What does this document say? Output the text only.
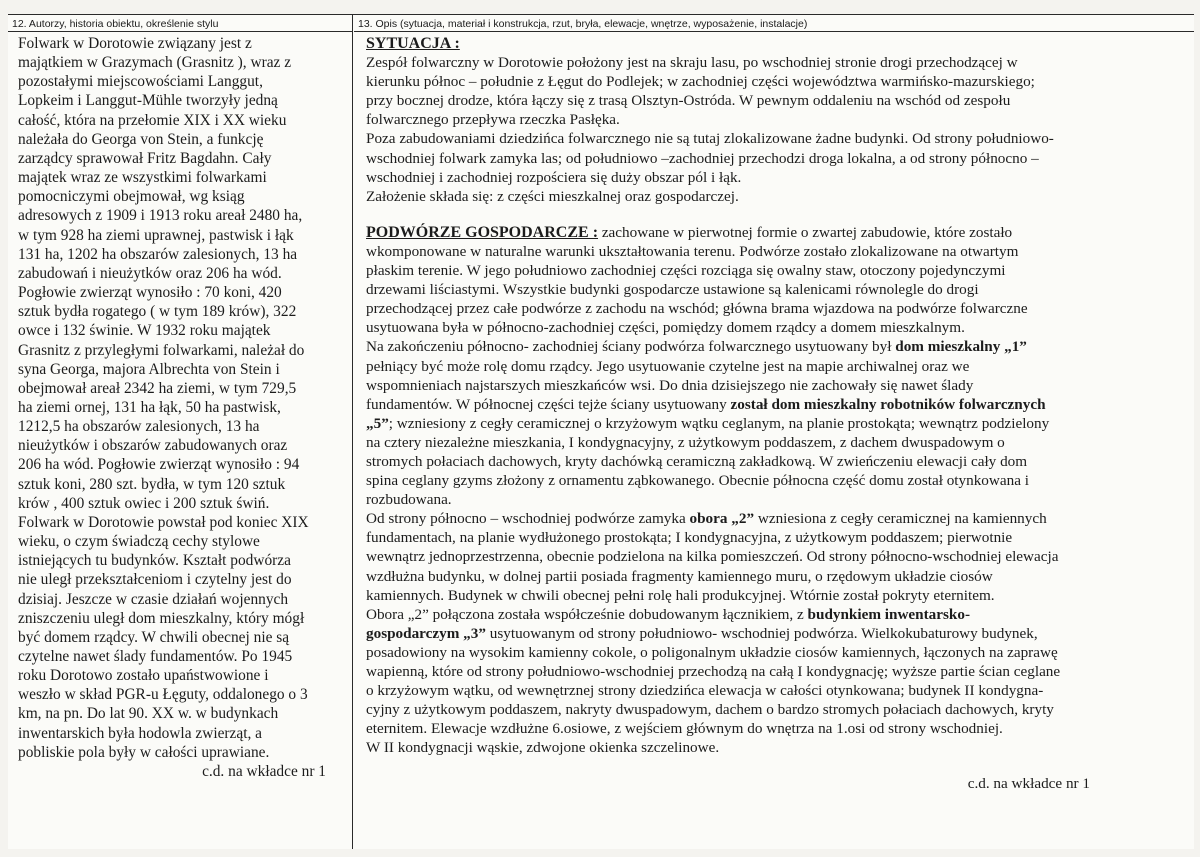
12. Autorzy, historia obiektu, określenie stylu
Folwark w Dorotowie związany jest z
majątkiem w Grazymach (Grasnitz ), wraz z
pozostałymi miejscowościami Langgut,
Lopkeim i Langgut-Mühle tworzyły jedną
całość, która na przełomie XIX i XX wieku
należała do Georga von Stein, a funkcję
zarządcy sprawował Fritz Bagdahn. Cały
majątek wraz ze wszystkimi folwarkami
pomocniczymi obejmował, wg ksiąg
adresowych z 1909 i 1913 roku areał 2480 ha,
w tym 928 ha ziemi uprawnej, pastwisk i łąk
131 ha, 1202 ha obszarów zalesionych, 13 ha
zabudowań i nieużytków oraz 206 ha wód.
Pogłowie zwierząt wynosiło : 70 koni, 420
sztuk bydła rogatego ( w tym 189 krów), 322
owce i 132 świnie. W 1932 roku majątek
Grasnitz z przyległymi folwarkami, należał do
syna Georga, majora Albrechta von Stein i
obejmował areał 2342 ha ziemi, w tym 729,5
ha ziemi ornej, 131 ha łąk, 50 ha pastwisk,
1212,5 ha obszarów zalesionych, 13 ha
nieużytków i obszarów zabudowanych oraz
206 ha wód. Pogłowie zwierząt wynosiło : 94
sztuk koni, 280 szt. bydła, w tym 120 sztuk
krów , 400 sztuk owiec i 200 sztuk świń.
Folwark w Dorotowie powstał pod koniec XIX
wieku, o czym świadczą cechy stylowe
istniejących tu budynków. Kształt podwórza
nie uległ przekształceniom i czytelny jest do
dzisiaj. Jeszcze w czasie działań wojennych
zniszczeniu uległ dom mieszkalny, który mógł
być domem rządcy. W chwili obecnej nie są
czytelne nawet ślady fundamentów. Po 1945
roku Dorotowo zostało upaństwowione i
weszło w skład PGR-u Łęguty, oddalonego o 3
km, na pn. Do lat 90. XX w. w budynkach
inwentarskich była hodowla zwierząt, a
pobliskie pola były w całości uprawiane.
c.d. na wkładce nr 1
13. Opis (sytuacja, materiał i konstrukcja, rzut, bryła, elewacje, wnętrze, wyposażenie, instalacje)
SYTUACJA :
Zespół folwarczny w Dorotowie położony jest na skraju lasu, po wschodniej stronie drogi przechodzącej w
kierunku północ – południe z Łęgut do Podlejek; w zachodniej części województwa warmińsko-mazurskiego;
przy bocznej drodze, która łączy się z trasą Olsztyn-Ostróda. W pewnym oddaleniu na wschód od zespołu
folwarcznego przepływa rzeczka Pasłęka.
Poza zabudowaniami dziedzińca folwarcznego nie są tutaj zlokalizowane żadne budynki. Od strony południowo-
wschodniej folwark zamyka las; od południowo –zachodniej przechodzi droga lokalna, a od strony północno –
wschodniej i zachodniej rozpościera się duży obszar pól i łąk.
Założenie składa się: z części mieszkalnej oraz gospodarczej.
PODWÓRZE GOSPODARCZE : zachowane w pierwotnej formie o zwartej zabudowie, które zostało
wkomponowane w naturalne warunki ukształtowania terenu. Podwórze zostało zlokalizowane na otwartym
płaskim terenie. W jego południowo zachodniej części rozciąga się owalny staw, otoczony pojedynczymi
drzewami liściastymi. Wszystkie budynki gospodarcze ustawione są kalenicami równolegle do drogi
przechodzącej przez całe podwórze z zachodu na wschód; główna brama wjazdowa na podwórze folwarczne
usytuowana była w północno-zachodniej części, pomiędzy domem rządcy a domem mieszkalnym.
Na zakończeniu północno- zachodniej ściany podwórza folwarcznego usytuowany był dom mieszkalny „1”
pełniący być może rolę domu rządcy. Jego usytuowanie czytelne jest na mapie archiwalnej oraz we
wspomnieniach najstarszych mieszkańców wsi. Do dnia dzisiejszego nie zachowały się nawet ślady
fundamentów. W północnej części tejże ściany usytuowany został dom mieszkalny robotników folwarcznych
„5”; wzniesiony z cegły ceramicznej o krzyżowym wątku ceglanym, na planie prostokąta; wewnątrz podzielony
na cztery niezależne mieszkania, I kondygnacyjny, z użytkowym poddaszem, z dachem dwuspadowym o
stromych połaciach dachowych, kryty dachówką ceramiczną zakładkową. W zwieńczeniu elewacji cały dom
spina ceglany gzyms złożony z ornamentu ząbkowanego. Obecnie północna część domu został otynkowana i
rozbudowana.
Od strony północno – wschodniej podwórze zamyka obora „2” wzniesiona z cegły ceramicznej na kamiennych
fundamentach, na planie wydłużonego prostokąta; I kondygnacyjna, z użytkowym poddaszem; pierwotnie
wewnątrz jednoprzestrzenna, obecnie podzielona na kilka pomieszczeń. Od strony północno-wschodniej elewacja
wzdłużna budynku, w dolnej partii posiada fragmenty kamiennego muru, o rzędowym układzie ciosów
kamiennych. Budynek w chwili obecnej pełni rolę hali produkcyjnej. Wtórnie został pokryty eternitem.
Obora „2” połączona została współcześnie dobudowanym łącznikiem, z budynkiem inwentarsko-
gospodarczym „3” usytuowanym od strony południowo- wschodniej podwórza. Wielkokubaturowy budynek,
posadowiony na wysokim kamienny cokole, o poligonalnym układzie ciosów kamiennych, łączonych na zaprawę
wapienną, które od strony południowo-wschodniej przechodzą na całą I kondygnację; wyższe partie ścian ceglane
o krzyżowym wątku, od wewnętrznej strony dziedzińca elewacja w całości otynkowana; budynek II kondygna-
cyjny z użytkowym poddaszem, nakryty dwuspadowym, dachem o bardzo stromych połaciach dachowych, kryty
eternitem. Elewacje wzdłużne 6.osiowe, z wejściem głównym do wnętrza na 1.osi od strony wschodniej.
W II kondygnacji wąskie, zdwojone okienka szczelinowe.
c.d. na wkładce nr 1
